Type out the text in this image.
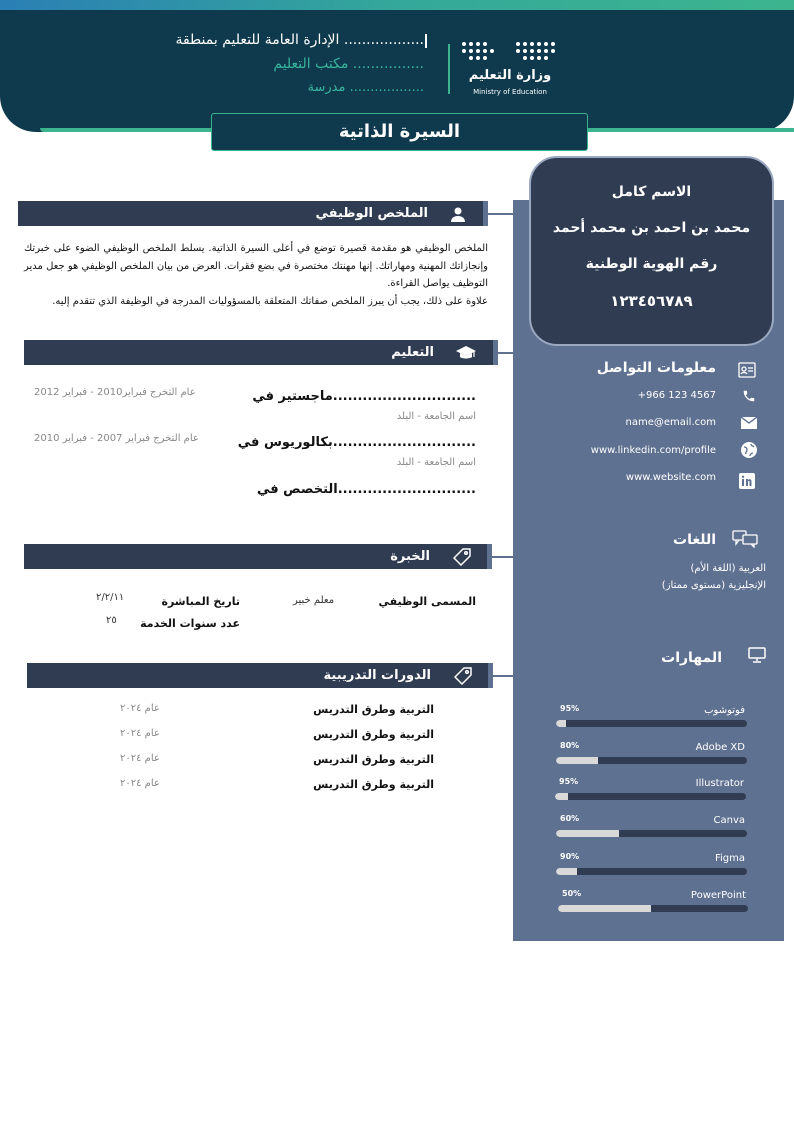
الإدارة العامة للتعليم بمنطقة ..................
مكتب التعليم ................
مدرسة ..................
وزارة التعليم
Ministry of Education
السيرة الذاتية
الاسم كامل
محمد بن احمد بن محمد أحمد
رقم الهوية الوطنية
١٢٣٤٥٦٧٨٩
معلومات التواصل
+966 123 4567
name@email.com
www.linkedin.com/profile
www.website.com
اللغات
العربية (اللغة الأم)
الإنجليزية (مستوى ممتاز)
المهارات
فوتوشوب
95%
Adobe XD
80%
Illustrator
95%
Canva
60%
Figma
90%
PowerPoint
50%
الملخص الوظيفي
الملخص الوظيفي هو مقدمة قصيرة توضع في أعلى السيرة الذاتية. يسلط الملخص الوظيفي الضوء على خبرتك وإنجازاتك المهنية ومهاراتك. إنها مهنتك مختصرة في بضع فقرات. العرض من بيان الملخص الوظيفي هو جعل مدير التوظيف يواصل القراءة.
علاوة على ذلك، يجب أن يبرز الملخص صفاتك المتعلقة بالمسؤوليات المدرجة في الوظيفة الذي تتقدم إليه.
التعليم
ماجستير في.............................
اسم الجامعة - البلد
عام التخرج فبراير2010 - فبراير 2012
بكالوريوس في.............................
اسم الجامعة - البلد
عام التخرج فبراير 2007 - فبراير 2010
التخصص في............................
الخبرة
المسمى الوظيفي
معلم خبير
تاريخ المباشرة
٢/٢/١١
عدد سنوات الخدمة
٢٥
الدورات التدريبية
التربية وطرق التدريس
عام ٢٠٢٤
التربية وطرق التدريس
عام ٢٠٢٤
التربية وطرق التدريس
عام ٢٠٢٤
التربية وطرق التدريس
عام ٢٠٢٤
